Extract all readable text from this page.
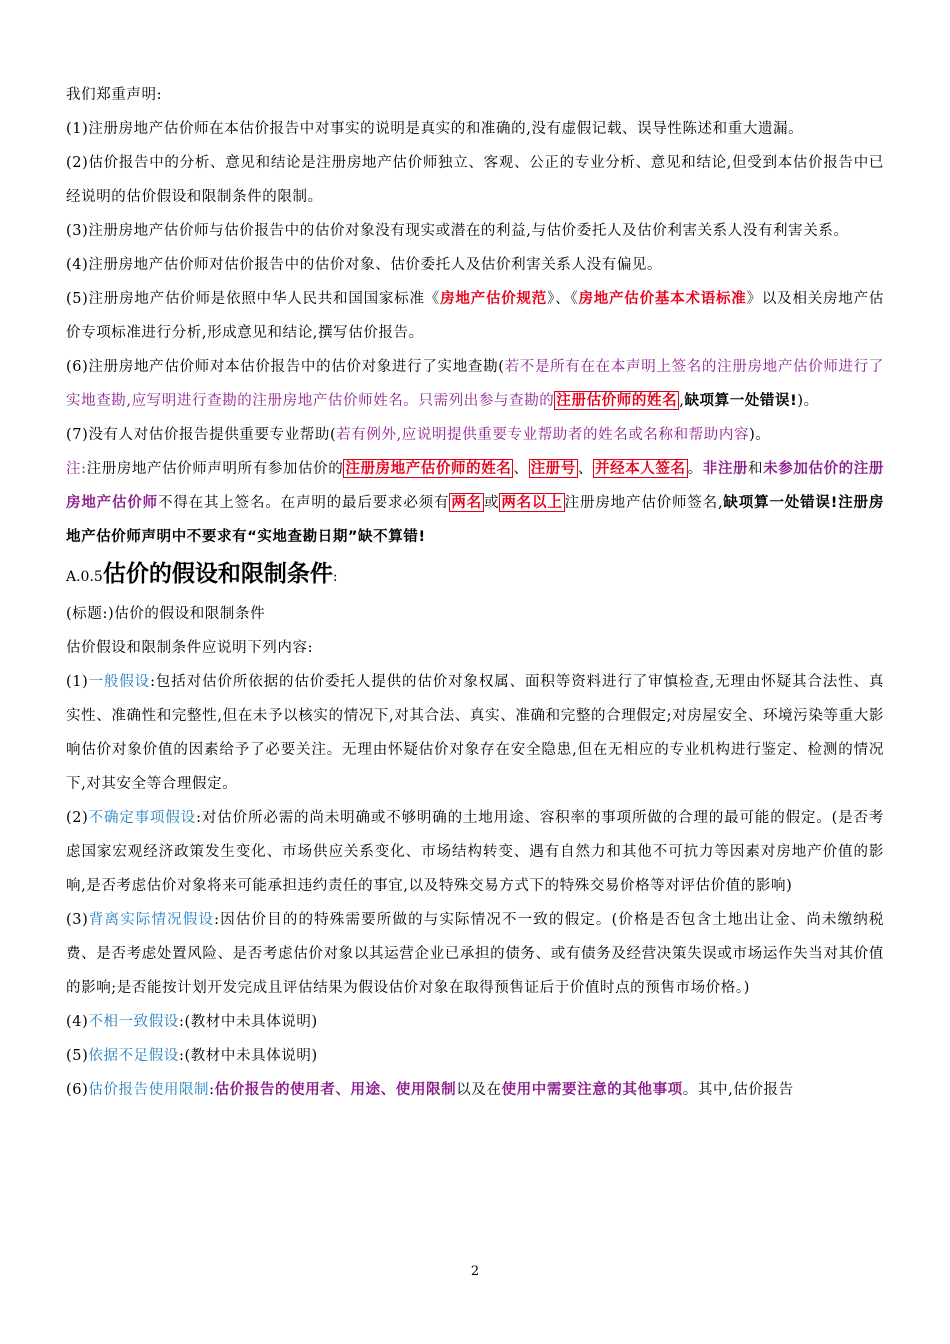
我们郑重声明:

(1)注册房地产估价师在本估价报告中对事实的说明是真实的和准确的,没有虚假记载、误导性陈述和重大遗漏。

(2)估价报告中的分析、意见和结论是注册房地产估价师独立、客观、公正的专业分析、意见和结论,但受到本估价报告中已经说明的估价假设和限制条件的限制。

(3)注册房地产估价师与估价报告中的估价对象没有现实或潜在的利益,与估价委托人及估价利害关系人没有利害关系。

(4)注册房地产估价师对估价报告中的估价对象、估价委托人及估价利害关系人没有偏见。

(5)注册房地产估价师是依照中华人民共和国国家标准《房地产估价规范》、《房地产估价基本术语标准》以及相关房地产估价专项标准进行分析,形成意见和结论,撰写估价报告。

(6)注册房地产估价师对本估价报告中的估价对象进行了实地查勘(若不是所有在在本声明上签名的注册房地产估价师进行了实地查勘,应写明进行查勘的注册房地产估价师姓名。只需列出参与查勘的 注册估价师的姓名 ,缺项算一处错误!)。

(7)没有人对估价报告提供重要专业帮助(若有例外,应说明提供重要专业帮助者的姓名或名称和帮助内容)。

注:注册房地产估价师声明所有参加估价的 注册房地产估价师的姓名 、 注册号 、 并经本人签名 。非注册和未参加估价的注册房地产估价师不得在其上签名。在声明的最后要求必须有 两名 或 两名以上 注册房地产估价师签名,缺项算一处错误!注册房地产估价师声明中不要求有“实地查勘日期”缺不算错!

A.0.5估价的假设和限制条件:

(标题:)估价的假设和限制条件

估价假设和限制条件应说明下列内容:

(1)一般假设:包括对估价所依据的估价委托人提供的估价对象权属、面积等资料进行了审慎检查,无理由怀疑其合法性、真实性、准确性和完整性,但在未予以核实的情况下,对其合法、真实、准确和完整的合理假定;对房屋安全、环境污染等重大影响估价对象价值的因素给予了必要关注。无理由怀疑估价对象存在安全隐患,但在无相应的专业机构进行鉴定、检测的情况下,对其安全等合理假定。

(2)不确定事项假设:对估价所必需的尚未明确或不够明确的土地用途、容积率的事项所做的合理的最可能的假定。(是否考虑国家宏观经济政策发生变化、市场供应关系变化、市场结构转变、遇有自然力和其他不可抗力等因素对房地产价值的影响,是否考虑估价对象将来可能承担违约责任的事宜,以及特殊交易方式下的特殊交易价格等对评估价值的影响)

(3)背离实际情况假设:因估价目的的特殊需要所做的与实际情况不一致的假定。(价格是否包含土地出让金、尚未缴纳税费、是否考虑处置风险、是否考虑估价对象以其运营企业已承担的债务、或有债务及经营决策失误或市场运作失当对其价值的影响;是否能按计划开发完成且评估结果为假设估价对象在取得预售证后于价值时点的预售市场价格。)

(4)不相一致假设:(教材中未具体说明)

(5)依据不足假设:(教材中未具体说明)

(6)估价报告使用限制:估价报告的使用者、用途、使用限制以及在使用中需要注意的其他事项。其中,估价报告

2
